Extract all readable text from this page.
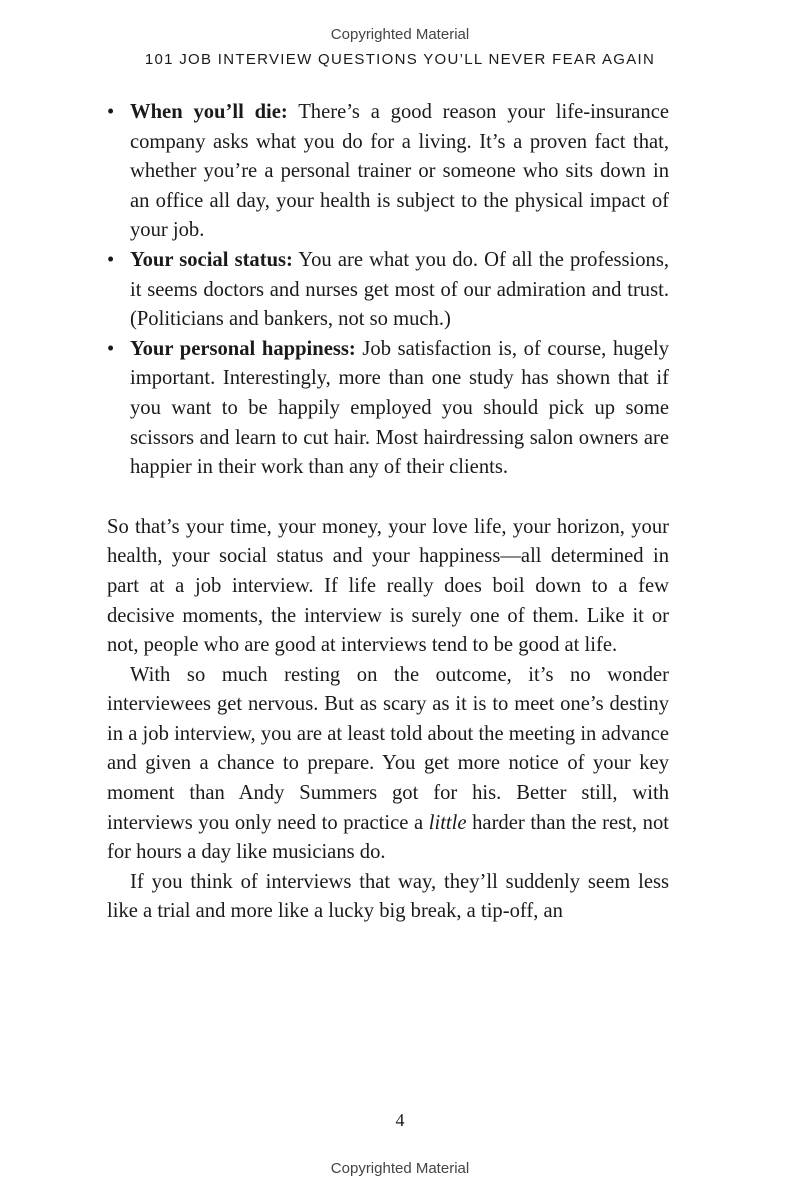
Copyrighted Material
101 JOB INTERVIEW QUESTIONS YOU’LL NEVER FEAR AGAIN
• When you’ll die: There’s a good reason your life-insurance company asks what you do for a living. It’s a proven fact that, whether you’re a personal trainer or someone who sits down in an office all day, your health is subject to the physical impact of your job.
• Your social status: You are what you do. Of all the professions, it seems doctors and nurses get most of our admiration and trust. (Politicians and bankers, not so much.)
• Your personal happiness: Job satisfaction is, of course, hugely important. Interestingly, more than one study has shown that if you want to be happily employed you should pick up some scissors and learn to cut hair. Most hairdressing salon owners are happier in their work than any of their clients.

So that’s your time, your money, your love life, your horizon, your health, your social status and your happiness—all determined in part at a job interview. If life really does boil down to a few decisive moments, the interview is surely one of them. Like it or not, people who are good at interviews tend to be good at life.

With so much resting on the outcome, it’s no wonder interviewees get nervous. But as scary as it is to meet one’s destiny in a job interview, you are at least told about the meeting in advance and given a chance to prepare. You get more notice of your key moment than Andy Summers got for his. Better still, with interviews you only need to practice a little harder than the rest, not for hours a day like musicians do.

If you think of interviews that way, they’ll suddenly seem less like a trial and more like a lucky big break, a tip-off, an

4
Copyrighted Material
